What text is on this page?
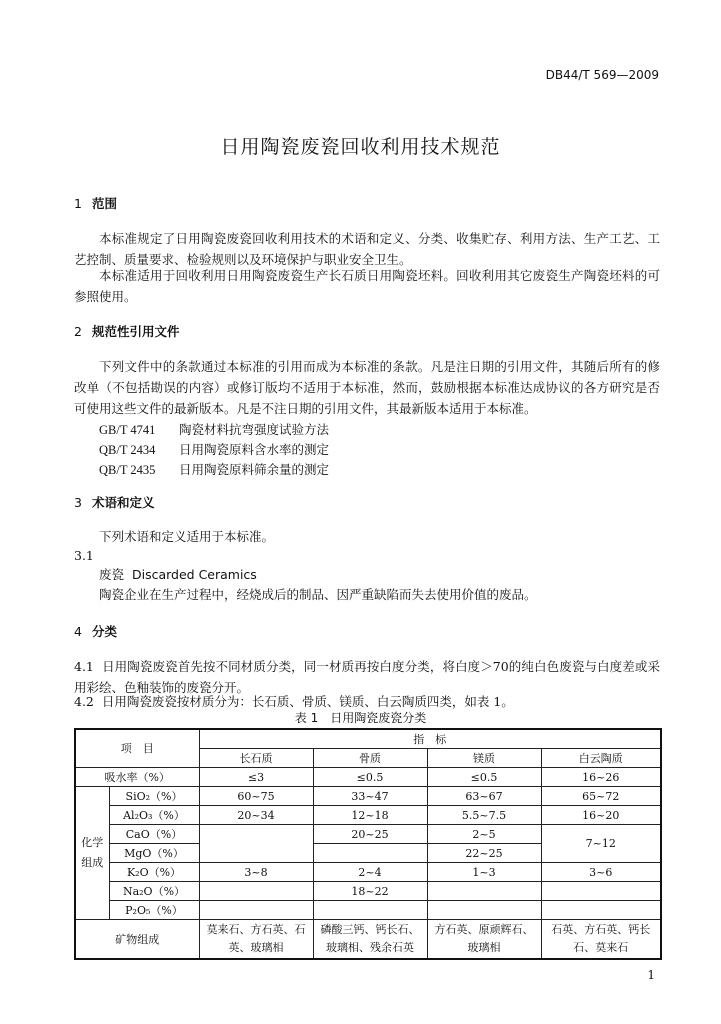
DB44/T 569—2009
日用陶瓷废瓷回收利用技术规范
1 范围
本标准规定了日用陶瓷废瓷回收利用技术的术语和定义、分类、收集贮存、利用方法、生产工艺、工艺控制、质量要求、检验规则以及环境保护与职业安全卫生。
本标准适用于回收利用日用陶瓷废瓷生产长石质日用陶瓷坯料。回收利用其它废瓷生产陶瓷坯料的可参照使用。
2 规范性引用文件
下列文件中的条款通过本标准的引用而成为本标准的条款。凡是注日期的引用文件，其随后所有的修改单（不包括勘误的内容）或修订版均不适用于本标准，然而，鼓励根据本标准达成协议的各方研究是否可使用这些文件的最新版本。凡是不注日期的引用文件，其最新版本适用于本标准。
GB/T 4741 陶瓷材料抗弯强度试验方法
QB/T 2434 日用陶瓷原料含水率的测定
QB/T 2435 日用陶瓷原料筛余量的测定
3 术语和定义
下列术语和定义适用于本标准。
3.1
废瓷 Discarded Ceramics
陶瓷企业在生产过程中，经烧成后的制品、因严重缺陷而失去使用价值的废品。
4 分类
4.1 日用陶瓷废瓷首先按不同材质分类，同一材质再按白度分类，将白度＞70的纯白色废瓷与白度差或采用彩绘、色釉装饰的废瓷分开。
4.2 日用陶瓷废瓷按材质分为：长石质、骨质、镁质、白云陶质四类，如表 1。
表 1　日用陶瓷废瓷分类
项　目		指　标			
		长石质	骨质	镁质	白云陶质
吸水率（%）		≤3	≤0.5	≤0.5	16~26
化学组成	SiO₂（%）	60~75	33~47	63~67	65~72
	Al₂O₃（%）	20~34	12~18	5.5~7.5	16~20
	CaO（%）		20~25	2~5	7~12
	MgO（%）			22~25	
	K₂O（%）	3~8	2~4	1~3	3~6
	Na₂O（%）		18~22		
	P₂O₅（%）				
矿物组成		莫来石、方石英、石英、玻璃相	磷酸三钙、钙长石、玻璃相、残余石英	方石英、原顽辉石、玻璃相	石英、方石英、钙长石、莫来石
1
